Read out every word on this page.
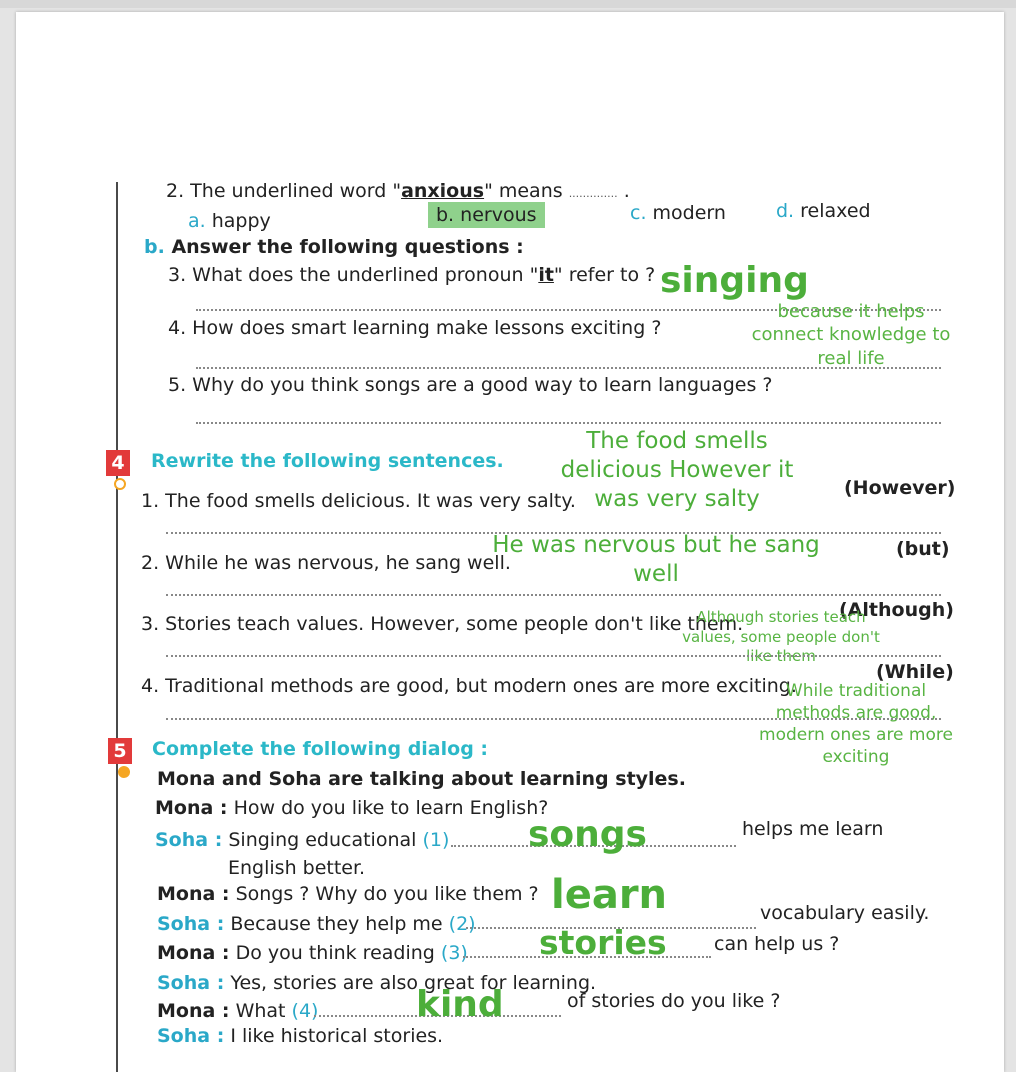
2. The underlined word "anxious" means .............. .
a. happy	b. nervous	c. modern	d. relaxed
b. Answer the following questions :
3. What does the underlined pronoun "it" refer to ? singing
4. How does smart learning make lessons exciting ?
because it helps connect knowledge to real life
5. Why do you think songs are a good way to learn languages ?
4 Rewrite the following sentences.
The food smells delicious However it was very salty
1. The food smells delicious. It was very salty.
(However)
2. While he was nervous, he sang well.
(but)
He was nervous but he sang well
3. Stories teach values. However, some people don't like them.
(Although)
Although stories teach values, some people don't like them
4. Traditional methods are good, but modern ones are more exciting.
(While)
While traditional methods are good, modern ones are more exciting
5 Complete the following dialog :
Mona and Soha are talking about learning styles.
Mona : How do you like to learn English?
Soha : Singing educational (1) songs	helps me learn
English better.
Mona : Songs ? Why do you like them ? learn
Soha : Because they help me (2)	vocabulary easily.
Mona : Do you think reading (3) stories can help us ?
Soha : Yes, stories are also great for learning.
Mona : What (4)	kind	of stories do you like ?
Soha : I like historical stories.
